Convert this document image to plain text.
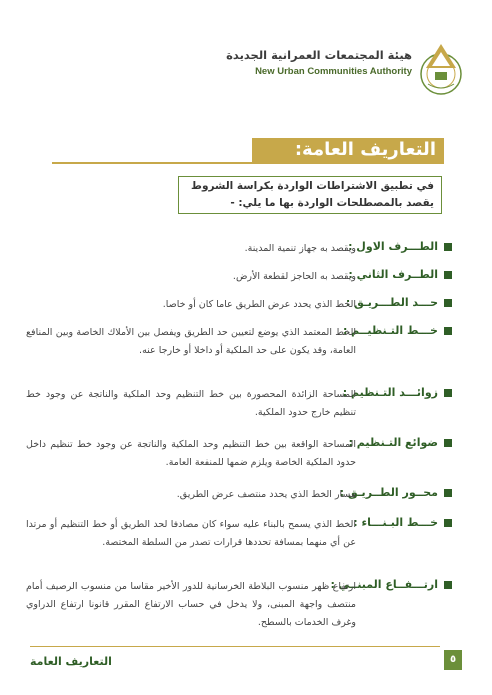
هيئة المجتمعات العمرانية الجديدة
New Urban Communities Authority
التعاريف العامة:
في تطبيق الاشتراطات الواردة بكراسة الشروط
يقصد بالمصطلحات الواردة بها ما يلي: -
الطـــرف الاول :
ويقصد به جهاز تنمية المدينة.
الطــرف الثاني :
ويقصد به الحاجز لقطعة الأرض.
حـــد الطـــريـق :
الخط الذي يحدد عرض الطريق عاما كان أو خاصا.
خـــط التـنظيــم :
الخط المعتمد الذي يوضع لتعيين حد الطريق ويفصل بين الأملاك الخاصة وبين المنافع العامة، وقد يكون على حد الملكية أو داخلا أو خارجا عنه.
زوائـــد التـنظيم :
المساحة الزائدة المحصورة بين خط التنظيم وحد الملكية والناتجة عن وجود خط تنظيم خارج حدود الملكية.
ضوائع التـنظيم :
المساحة الواقعة بين خط التنظيم وحد الملكية والناتجة عن وجود خط تنظيم داخل حدود الملكية الخاصة ويلزم ضمها للمنفعة العامة.
محــور الطــريـق :
مسار الخط الذي يحدد منتصف عرض الطريق.
خـــط البـنـــاء :
الخط الذي يسمح بالبناء عليه سواء كان مصادفا لحد الطريق أو خط التنظيم أو مرتدا عن أي منهما بمسافة تحددها قرارات تصدر من السلطة المختصة.
ارتـــفــاع المبنــي :
ارتفاع ظهر منسوب البلاطة الخرسانية للدور الأخير مقاسا من منسوب الرصيف أمام منتصف واجهة المبنى، ولا يدخل في حساب الارتفاع المقرر قانونا ارتفاع الدراوي وغرف الخدمات بالسطح.
التعاريف العامة	٥
